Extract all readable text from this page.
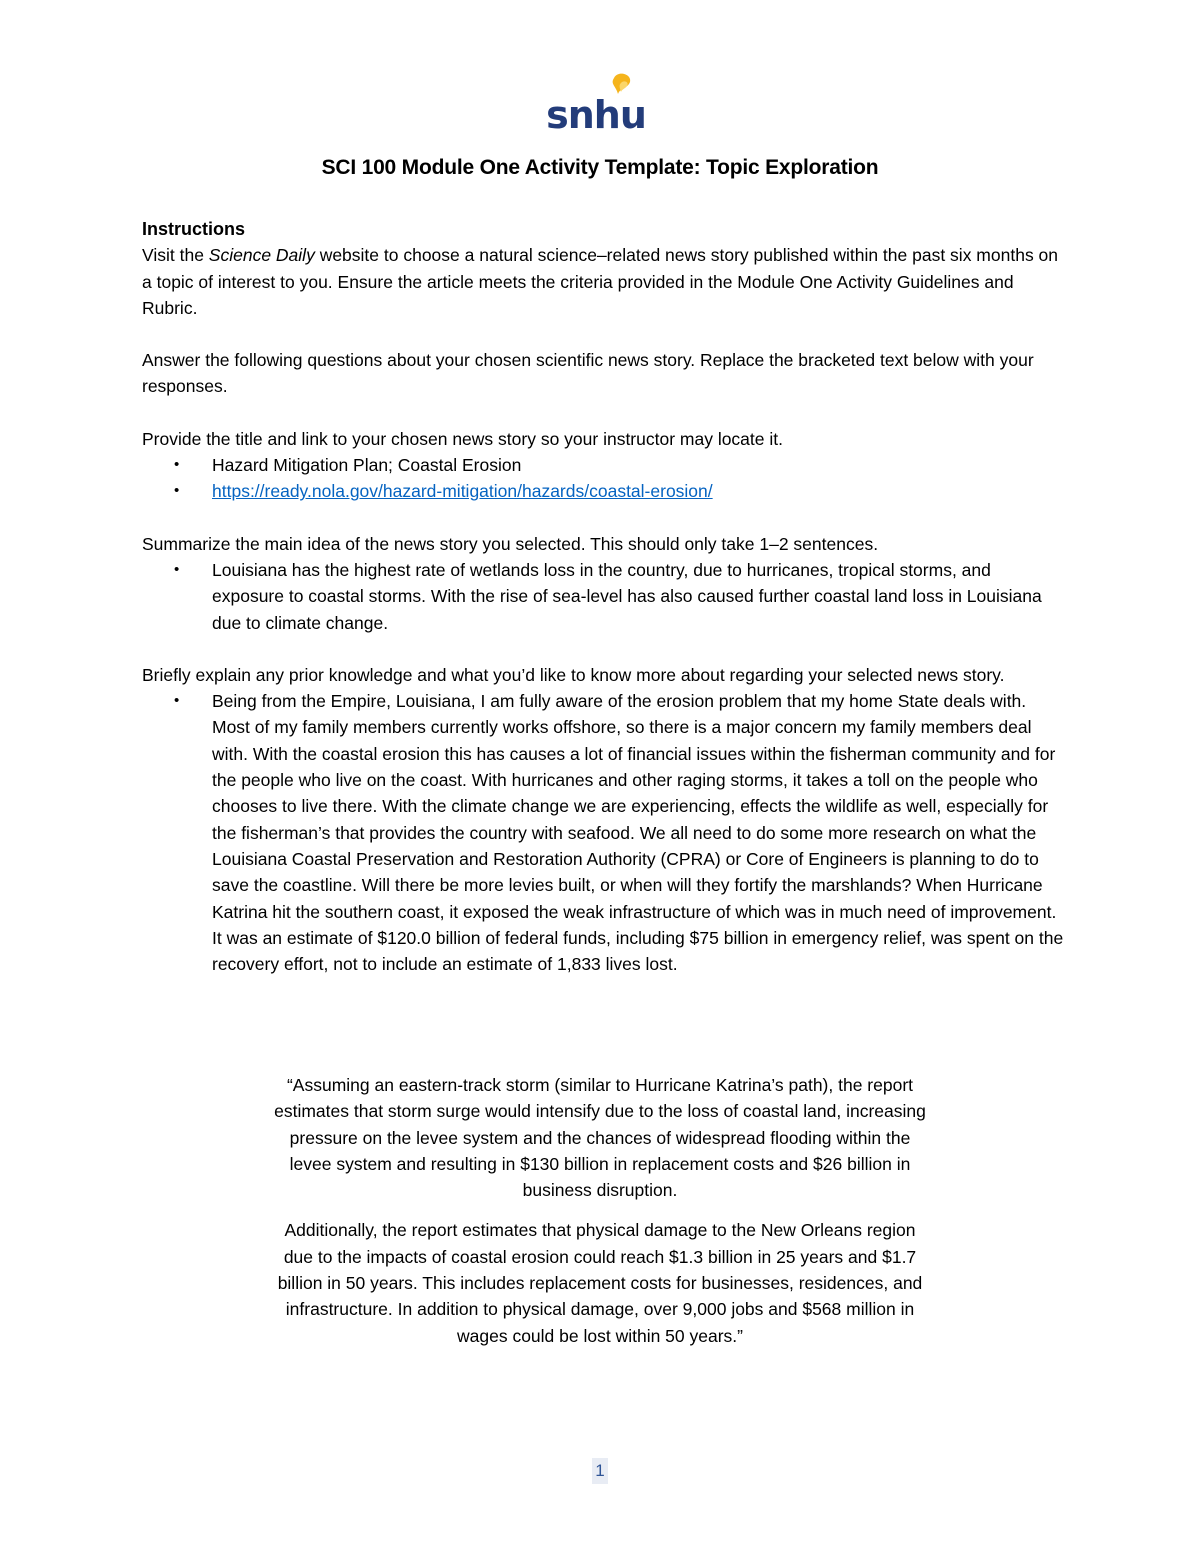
snhu
SCI 100 Module One Activity Template: Topic Exploration

Instructions

Visit the Science Daily website to choose a natural science–related news story published within the past six months on a topic of interest to you. Ensure the article meets the criteria provided in the Module One Activity Guidelines and Rubric.

Answer the following questions about your chosen scientific news story. Replace the bracketed text below with your responses.

Provide the title and link to your chosen news story so your instructor may locate it.

• Hazard Mitigation Plan; Coastal Erosion
• https://ready.nola.gov/hazard-mitigation/hazards/coastal-erosion/

Summarize the main idea of the news story you selected. This should only take 1–2 sentences.

• Louisiana has the highest rate of wetlands loss in the country, due to hurricanes, tropical storms, and exposure to coastal storms. With the rise of sea-level has also caused further coastal land loss in Louisiana due to climate change.

Briefly explain any prior knowledge and what you’d like to know more about regarding your selected news story.

• Being from the Empire, Louisiana, I am fully aware of the erosion problem that my home State deals with. Most of my family members currently works offshore, so there is a major concern my family members deal with. With the coastal erosion this has causes a lot of financial issues within the fisherman community and for the people who live on the coast. With hurricanes and other raging storms, it takes a toll on the people who chooses to live there. With the climate change we are experiencing, effects the wildlife as well, especially for the fisherman’s that provides the country with seafood. We all need to do some more research on what the Louisiana Coastal Preservation and Restoration Authority (CPRA) or Core of Engineers is planning to do to save the coastline. Will there be more levies built, or when will they fortify the marshlands? When Hurricane Katrina hit the southern coast, it exposed the weak infrastructure of which was in much need of improvement. It was an estimate of $120.0 billion of federal funds, including $75 billion in emergency relief, was spent on the recovery effort, not to include an estimate of 1,833 lives lost.

“Assuming an eastern-track storm (similar to Hurricane Katrina’s path), the report estimates that storm surge would intensify due to the loss of coastal land, increasing pressure on the levee system and the chances of widespread flooding within the levee system and resulting in $130 billion in replacement costs and $26 billion in business disruption.

Additionally, the report estimates that physical damage to the New Orleans region due to the impacts of coastal erosion could reach $1.3 billion in 25 years and $1.7 billion in 50 years. This includes replacement costs for businesses, residences, and infrastructure. In addition to physical damage, over 9,000 jobs and $568 million in wages could be lost within 50 years.”

1
